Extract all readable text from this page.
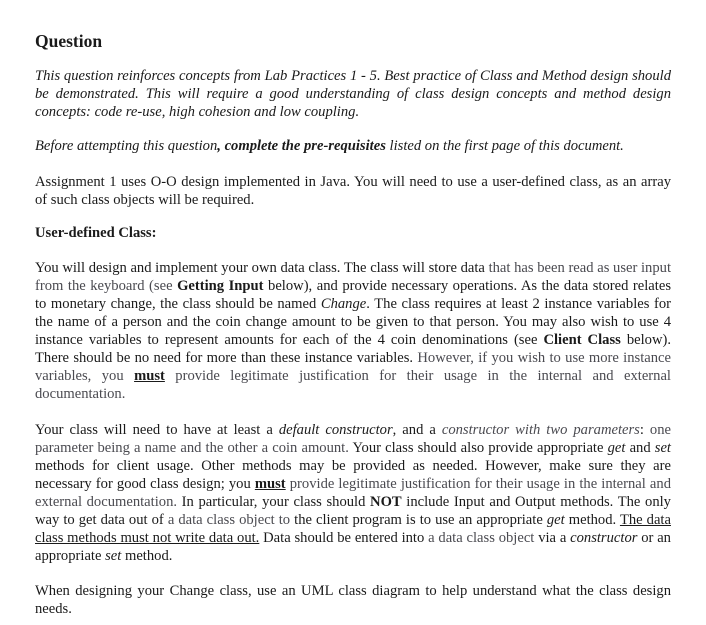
Question

This question reinforces concepts from Lab Practices 1 - 5. Best practice of Class and Method design should be demonstrated. This will require a good understanding of class design concepts and method design concepts: code re-use, high cohesion and low coupling.

Before attempting this question, complete the pre-requisites listed on the first page of this document.

Assignment 1 uses O-O design implemented in Java. You will need to use a user-defined class, as an array of such class objects will be required.

User-defined Class:

You will design and implement your own data class. The class will store data that has been read as user input from the keyboard (see Getting Input below), and provide necessary operations. As the data stored relates to monetary change, the class should be named Change. The class requires at least 2 instance variables for the name of a person and the coin change amount to be given to that person. You may also wish to use 4 instance variables to represent amounts for each of the 4 coin denominations (see Client Class below). There should be no need for more than these instance variables. However, if you wish to use more instance variables, you must provide legitimate justification for their usage in the internal and external documentation.

Your class will need to have at least a default constructor, and a constructor with two parameters: one parameter being a name and the other a coin amount. Your class should also provide appropriate get and set methods for client usage. Other methods may be provided as needed. However, make sure they are necessary for good class design; you must provide legitimate justification for their usage in the internal and external documentation. In particular, your class should NOT include Input and Output methods. The only way to get data out of a data class object to the client program is to use an appropriate get method. The data class methods must not write data out. Data should be entered into a data class object via a constructor or an appropriate set method.

When designing your Change class, use an UML class diagram to help understand what the class design needs.
